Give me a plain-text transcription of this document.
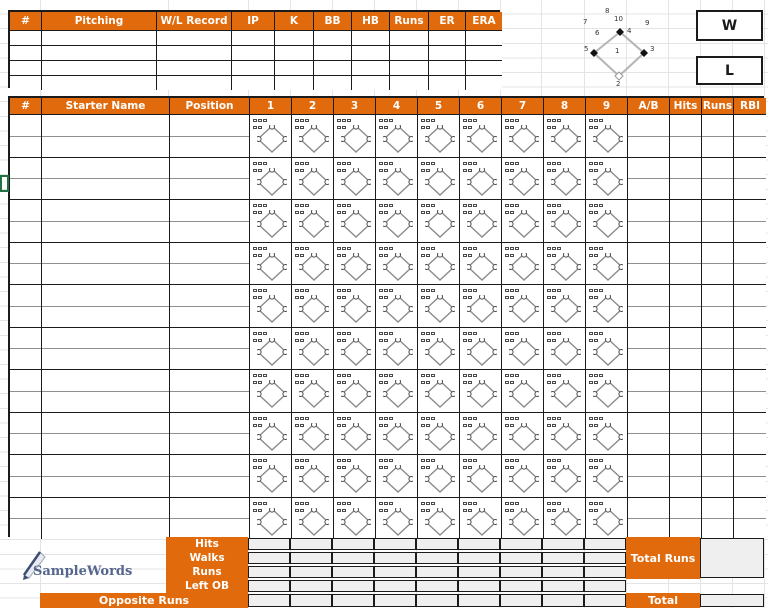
#	Pitching	W/L Record	IP	K	BB	HB	Runs	ER	ERA
1
2
3
4
5
6
7
8
9
10	W
L
#	Starter Name	Position	1	2	3	4	5	6	7	8	9	A/B	Hits Runs RBI
Hits
Walks
Runs
Left OB
Total Runs
Opposite Runs	Total
SampleWords
